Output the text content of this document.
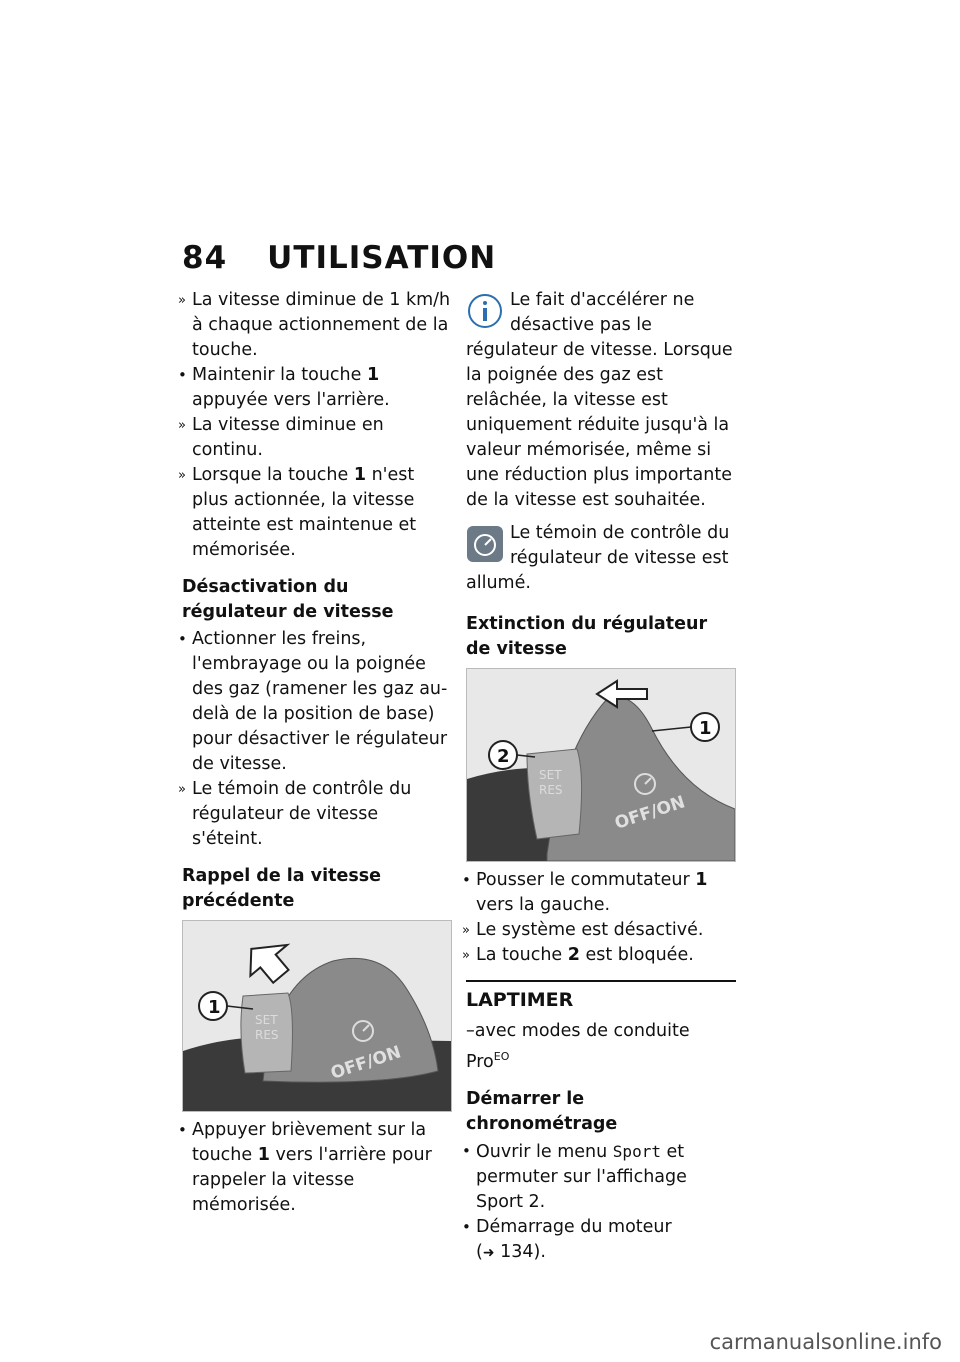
84 UTILISATION
» La vitesse diminue de 1 km/h à chaque actionnement de la touche.
• Maintenir la touche 1 appuyée vers l'arrière.
» La vitesse diminue en continu.
» Lorsque la touche 1 n'est plus actionnée, la vitesse atteinte est maintenue et mémorisée.
Désactivation du régulateur de vitesse
• Actionner les freins, l'embrayage ou la poignée des gaz (ramener les gaz au-delà de la position de base) pour désactiver le régulateur de vitesse.
» Le témoin de contrôle du régulateur de vitesse s'éteint.
Rappel de la vitesse précédente
SET
RES
OFF/ON
1
• Appuyer brièvement sur la touche 1 vers l'arrière pour rappeler la vitesse mémorisée.
Le fait d'accélérer ne désactive pas le régulateur de vitesse. Lorsque la poignée des gaz est relâchée, la vitesse est uniquement réduite jusqu'à la valeur mémorisée, même si une réduction plus importante de la vitesse est souhaitée.
Le témoin de contrôle du régulateur de vitesse est allumé.
Extinction du régulateur de vitesse
SET
RES
OFF/ON
1
2
• Pousser le commutateur 1 vers la gauche.
» Le système est désactivé.
» La touche 2 est bloquée.
LAPTIMER
–avec modes de conduite Pro$^{EO}$
Démarrer le chronométrage
• Ouvrir le menu Sport et permuter sur l'affichage Sport 2.
• Démarrage du moteur
(➜ 134).
carmanualsonline.info
